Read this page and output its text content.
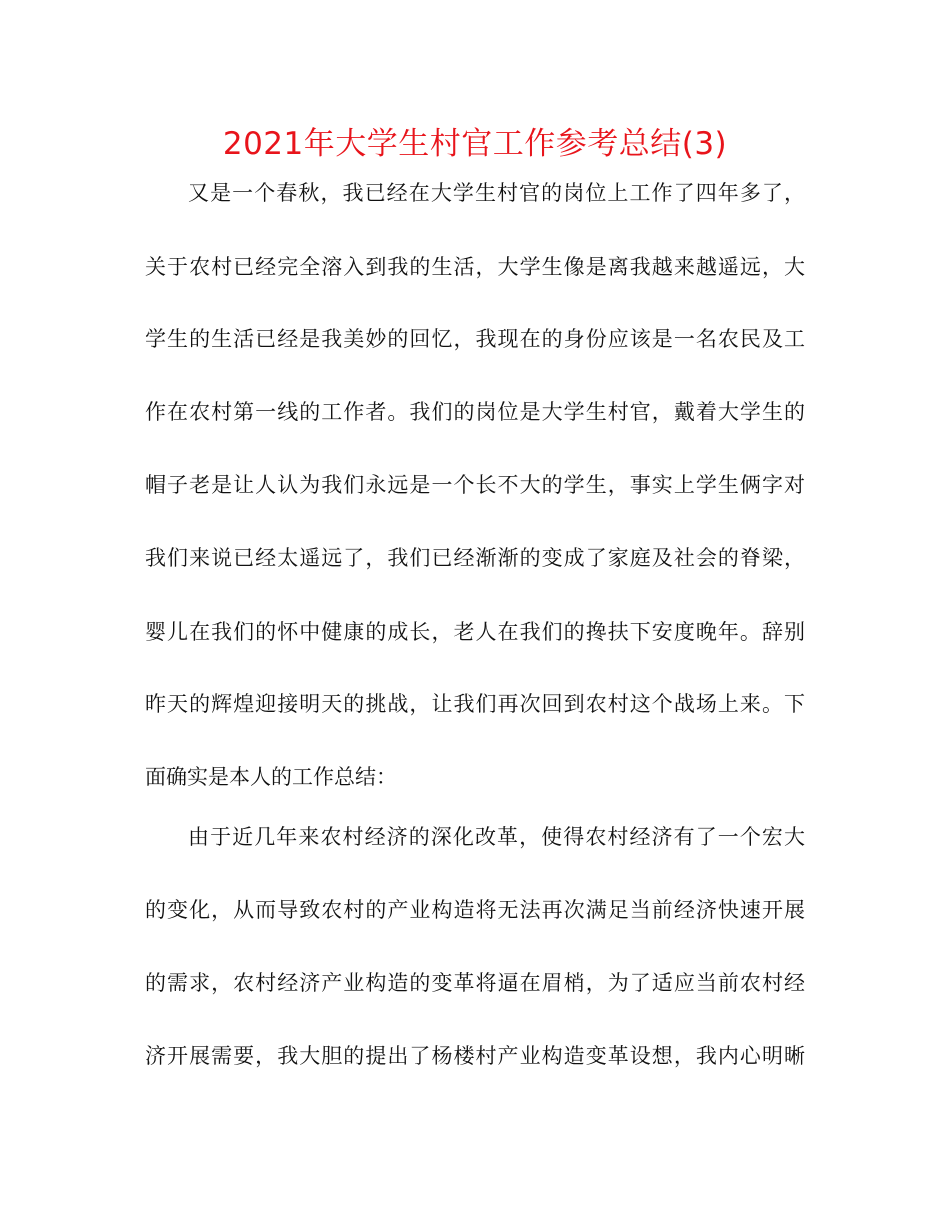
2021年大学生村官工作参考总结(3)
又是一个春秋，我已经在大学生村官的岗位上工作了四年多了，
关于农村已经完全溶入到我的生活，大学生像是离我越来越遥远，大
学生的生活已经是我美妙的回忆，我现在的身份应该是一名农民及工
作在农村第一线的工作者。我们的岗位是大学生村官，戴着大学生的
帽子老是让人认为我们永远是一个长不大的学生，事实上学生俩字对
我们来说已经太遥远了，我们已经渐渐的变成了家庭及社会的脊梁，
婴儿在我们的怀中健康的成长，老人在我们的搀扶下安度晚年。辞别
昨天的辉煌迎接明天的挑战，让我们再次回到农村这个战场上来。下
面确实是本人的工作总结：
由于近几年来农村经济的深化改革，使得农村经济有了一个宏大
的变化，从而导致农村的产业构造将无法再次满足当前经济快速开展
的需求，农村经济产业构造的变革将逼在眉梢，为了适应当前农村经
济开展需要，我大胆的提出了杨楼村产业构造变革设想，我内心明晰
